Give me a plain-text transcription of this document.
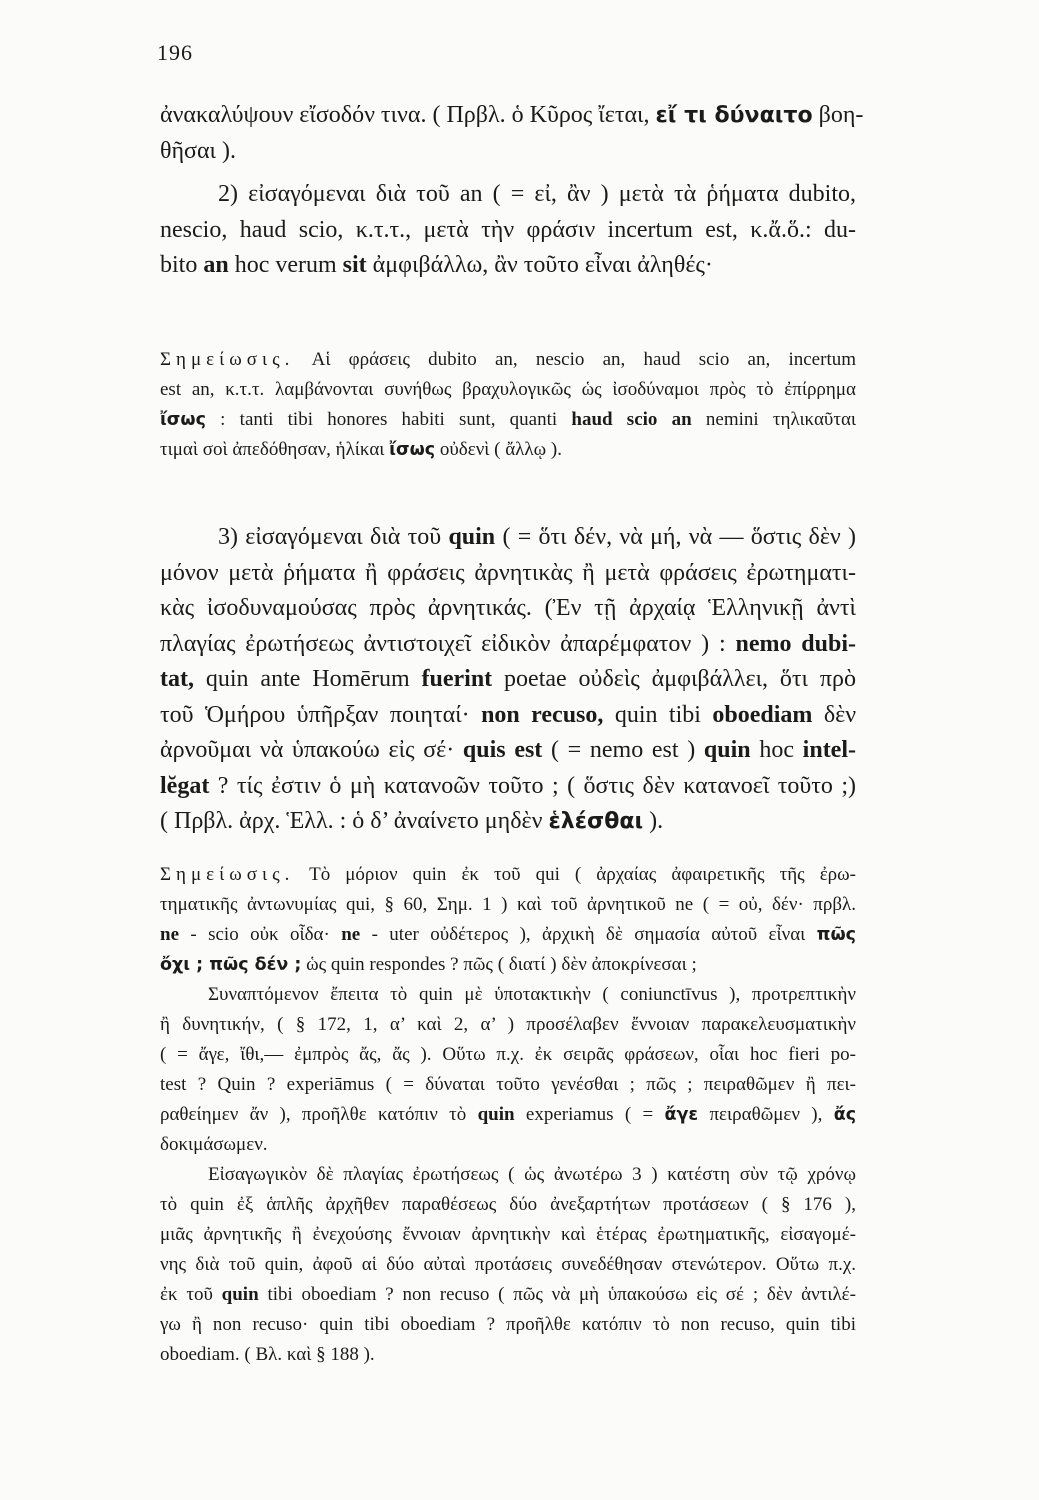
196
ἀνακαλύψουν εἴσοδόν τινα. ( Πρβλ. ὁ Κῦρος ἴεται, εἴ τι δύναιτο βοη-
θῆσαι ).
2) εἰσαγόμεναι διὰ τοῦ an ( = εἰ, ἂν ) μετὰ τὰ ῥήματα dubito,
nescio, haud scio, κ.τ.τ., μετὰ τὴν φράσιν incertum est, κ.ἄ.ὅ.: du-
bito an hoc verum sit ἀμφιβάλλω, ἂν τοῦτο εἶναι ἀληθές·
Σημείωσις. Αἱ φράσεις dubito an, nescio an, haud scio an, incertum
est an, κ.τ.τ. λαμβάνονται συνήθως βραχυλογικῶς ὡς ἰσοδύναμοι πρὸς τὸ ἐπίρρημα
ἴσως : tanti tibi honores habiti sunt, quanti haud scio an nemini τηλικαῦται
τιμαὶ σοὶ ἀπεδόθησαν, ἡλίκαι ἴσως οὐδενὶ ( ἄλλῳ ).
3) εἰσαγόμεναι διὰ τοῦ quin ( = ὅτι δέν, νὰ μή, νὰ — ὅστις δὲν )
μόνον μετὰ ῥήματα ἢ φράσεις ἀρνητικὰς ἢ μετὰ φράσεις ἐρωτηματι-
κὰς ἰσοδυναμούσας πρὸς ἀρνητικάς. (Ἐν τῇ ἀρχαίᾳ Ἑλληνικῇ ἀντὶ
πλαγίας ἐρωτήσεως ἀντιστοιχεῖ εἰδικὸν ἀπαρέμφατον ) : nemo dubi-
tat, quin ante Homērum fuerint poetae οὐδεὶς ἀμφιβάλλει, ὅτι πρὸ
τοῦ Ὁμήρου ὑπῆρξαν ποιηταί· non recuso, quin tibi oboediam δὲν
ἀρνοῦμαι νὰ ὑπακούω εἰς σέ· quis est ( = nemo est ) quin hoc intel-
lĕgat ? τίς ἐστιν ὁ μὴ κατανοῶν τοῦτο ; ( ὅστις δὲν κατανοεῖ τοῦτο ;)
( Πρβλ. ἀρχ. Ἑλλ. : ὁ δ’ ἀναίνετο μηδὲν ἑλέσθαι ).
Σημείωσις. Τὸ μόριον quin ἐκ τοῦ qui ( ἀρχαίας ἀφαιρετικῆς τῆς ἐρω-
τηματικῆς ἀντωνυμίας qui, § 60, Σημ. 1 ) καὶ τοῦ ἀρνητικοῦ ne ( = οὐ, δέν· πρβλ.
ne - scio οὐκ οἶδα· ne - uter οὐδέτερος ), ἀρχικὴ δὲ σημασία αὐτοῦ εἶναι πῶς
ὄχι ; πῶς δέν ; ὡς quin respondes ? πῶς ( διατί ) δὲν ἀποκρίνεσαι ;
Συναπτόμενον ἔπειτα τὸ quin μὲ ὑποτακτικὴν ( coniunctīvus ), προτρεπτικὴν
ἢ δυνητικήν, ( § 172, 1, α’ καὶ 2, α’ ) προσέλαβεν ἔννοιαν παρακελευσματικὴν
( = ἄγε, ἴθι,— ἐμπρὸς ἄς, ἄς ). Οὕτω π.χ. ἐκ σειρᾶς φράσεων, οἷαι hoc fieri po-
test ? Quin ? experiāmus ( = δύναται τοῦτο γενέσθαι ; πῶς ; πειραθῶμεν ἢ πει-
ραθείημεν ἄν ), προῆλθε κατόπιν τὸ quin experiamus ( = ἄγε πειραθῶμεν ), ἄς
δοκιμάσωμεν.
Εἰσαγωγικὸν δὲ πλαγίας ἐρωτήσεως ( ὡς ἀνωτέρω 3 ) κατέστη σὺν τῷ χρόνῳ
τὸ quin ἐξ ἁπλῆς ἀρχῆθεν παραθέσεως δύο ἀνεξαρτήτων προτάσεων ( § 176 ),
μιᾶς ἀρνητικῆς ἢ ἐνεχούσης ἔννοιαν ἀρνητικὴν καὶ ἑτέρας ἐρωτηματικῆς, εἰσαγομέ-
νης διὰ τοῦ quin, ἀφοῦ αἱ δύο αὐταὶ προτάσεις συνεδέθησαν στενώτερον. Οὕτω π.χ.
ἐκ τοῦ quin tibi oboediam ? non recuso ( πῶς νὰ μὴ ὑπακούσω εἰς σέ ; δὲν ἀντιλέ-
γω ἢ non recuso· quin tibi oboediam ? προῆλθε κατόπιν τὸ non recuso, quin tibi
oboediam. ( Βλ. καὶ § 188 ).
